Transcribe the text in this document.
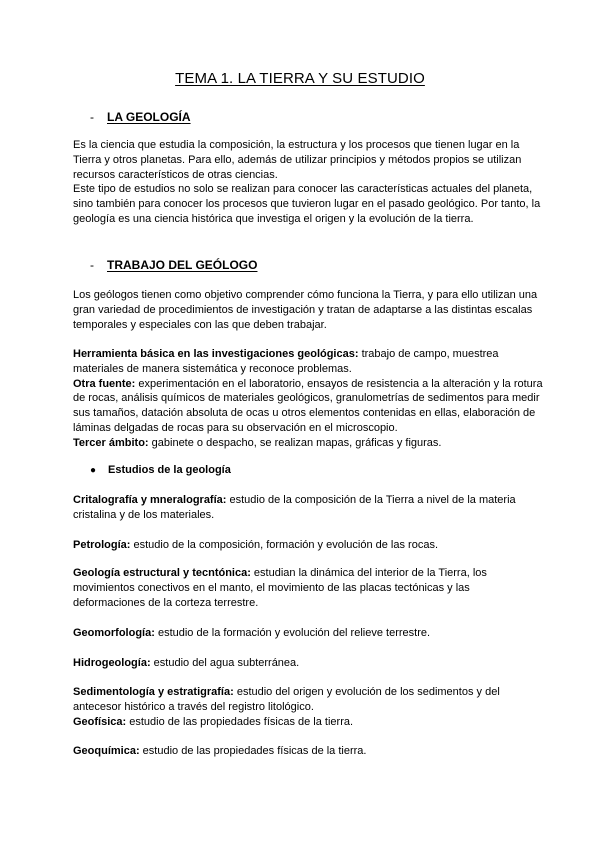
TEMA 1. LA TIERRA Y SU ESTUDIO
-	LA GEOLOGÍA

Es la ciencia que estudia la composición, la estructura y los procesos que tienen lugar en la Tierra y otros planetas. Para ello, además de utilizar principios y métodos propios se utilizan recursos característicos de otras ciencias.

Este tipo de estudios no solo se realizan para conocer las características actuales del planeta, sino también para conocer los procesos que tuvieron lugar en el pasado geológico. Por tanto, la geología es una ciencia histórica que investiga el origen y la evolución de la tierra.

-	TRABAJO DEL GEÓLOGO

Los geólogos tienen como objetivo comprender cómo funciona la Tierra, y para ello utilizan una gran variedad de procedimientos de investigación y tratan de adaptarse a las distintas escalas temporales y especiales con las que deben trabajar.

Herramienta básica en las investigaciones geológicas: trabajo de campo, muestrea materiales de manera sistemática y reconoce problemas.
Otra fuente: experimentación en el laboratorio, ensayos de resistencia a la alteración y la rotura de rocas, análisis químicos de materiales geológicos, granulometrías de sedimentos para medir sus tamaños, datación absoluta de ocas u otros elementos contenidas en ellas, elaboración de láminas delgadas de rocas para su observación en el microscopio.
Tercer ámbito: gabinete o despacho, se realizan mapas, gráficas y figuras.
●	Estudios de la geología

Critalografía y mneralografía: estudio de la composición de la Tierra a nivel de la materia cristalina y de los materiales.

Petrología: estudio de la composición, formación y evolución de las rocas.

Geología estructural y tecntónica: estudian la dinámica del interior de la Tierra, los movimientos conectivos en el manto, el movimiento de las placas tectónicas y las deformaciones de la corteza terrestre.

Geomorfología: estudio de la formación y evolución del relieve terrestre.

Hidrogeología: estudio del agua subterránea.

Sedimentología y estratigrafía: estudio del origen y evolución de los sedimentos y del antecesor histórico a través del registro litológico.
Geofísica: estudio de las propiedades físicas de la tierra.

Geoquímica: estudio de las propiedades físicas de la tierra.
